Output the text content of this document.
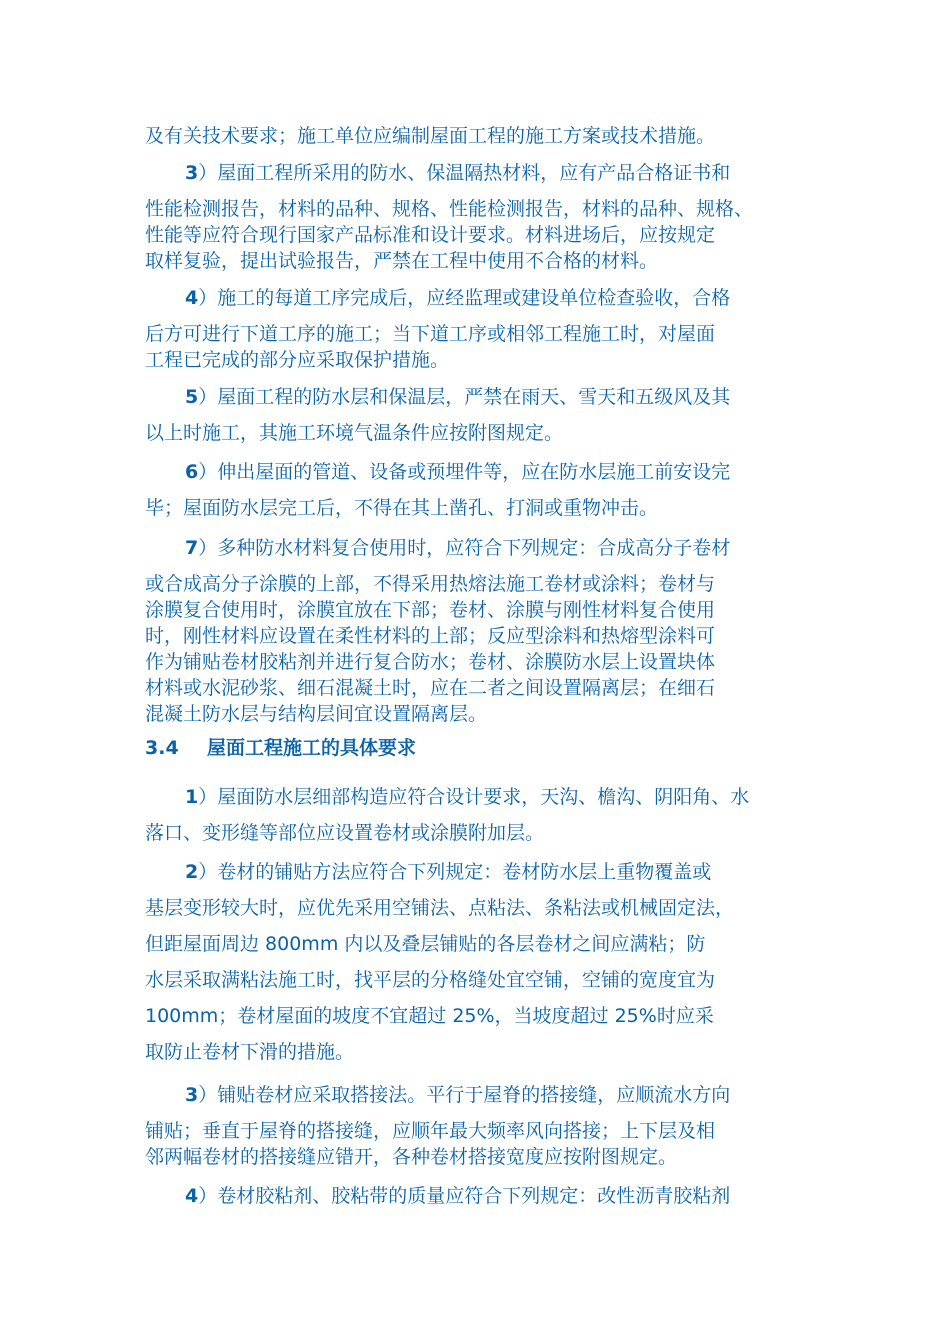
及有关技术要求；施工单位应编制屋面工程的施工方案或技术措施。

3）屋面工程所采用的防水、保温隔热材料，应有产品合格证书和

性能检测报告，材料的品种、规格、性能检测报告，材料的品种、规格、
性能等应符合现行国家产品标准和设计要求。材料进场后，应按规定
取样复验，提出试验报告，严禁在工程中使用不合格的材料。

4）施工的每道工序完成后，应经监理或建设单位检查验收，合格

后方可进行下道工序的施工；当下道工序或相邻工程施工时，对屋面
工程已完成的部分应采取保护措施。

5）屋面工程的防水层和保温层，严禁在雨天、雪天和五级风及其

以上时施工，其施工环境气温条件应按附图规定。

6）伸出屋面的管道、设备或预埋件等，应在防水层施工前安设完

毕；屋面防水层完工后，不得在其上凿孔、打洞或重物冲击。

7）多种防水材料复合使用时，应符合下列规定：合成高分子卷材

或合成高分子涂膜的上部，不得采用热熔法施工卷材或涂料；卷材与
涂膜复合使用时，涂膜宜放在下部；卷材、涂膜与刚性材料复合使用
时，刚性材料应设置在柔性材料的上部；反应型涂料和热熔型涂料可
作为铺贴卷材胶粘剂并进行复合防水；卷材、涂膜防水层上设置块体
材料或水泥砂浆、细石混凝土时，应在二者之间设置隔离层；在细石
混凝土防水层与结构层间宜设置隔离层。

3.4 屋面工程施工的具体要求

1）屋面防水层细部构造应符合设计要求，天沟、檐沟、阴阳角、水

落口、变形缝等部位应设置卷材或涂膜附加层。

2）卷材的铺贴方法应符合下列规定：卷材防水层上重物覆盖或

基层变形较大时，应优先采用空铺法、点粘法、条粘法或机械固定法，

但距屋面周边 800mm 内以及叠层铺贴的各层卷材之间应满粘；防

水层采取满粘法施工时，找平层的分格缝处宜空铺，空铺的宽度宜为

100mm；卷材屋面的坡度不宜超过 25%，当坡度超过 25%时应采

取防止卷材下滑的措施。

3）铺贴卷材应采取搭接法。平行于屋脊的搭接缝，应顺流水方向

铺贴；垂直于屋脊的搭接缝，应顺年最大频率风向搭接；上下层及相
邻两幅卷材的搭接缝应错开，各种卷材搭接宽度应按附图规定。

4）卷材胶粘剂、胶粘带的质量应符合下列规定：改性沥青胶粘剂
